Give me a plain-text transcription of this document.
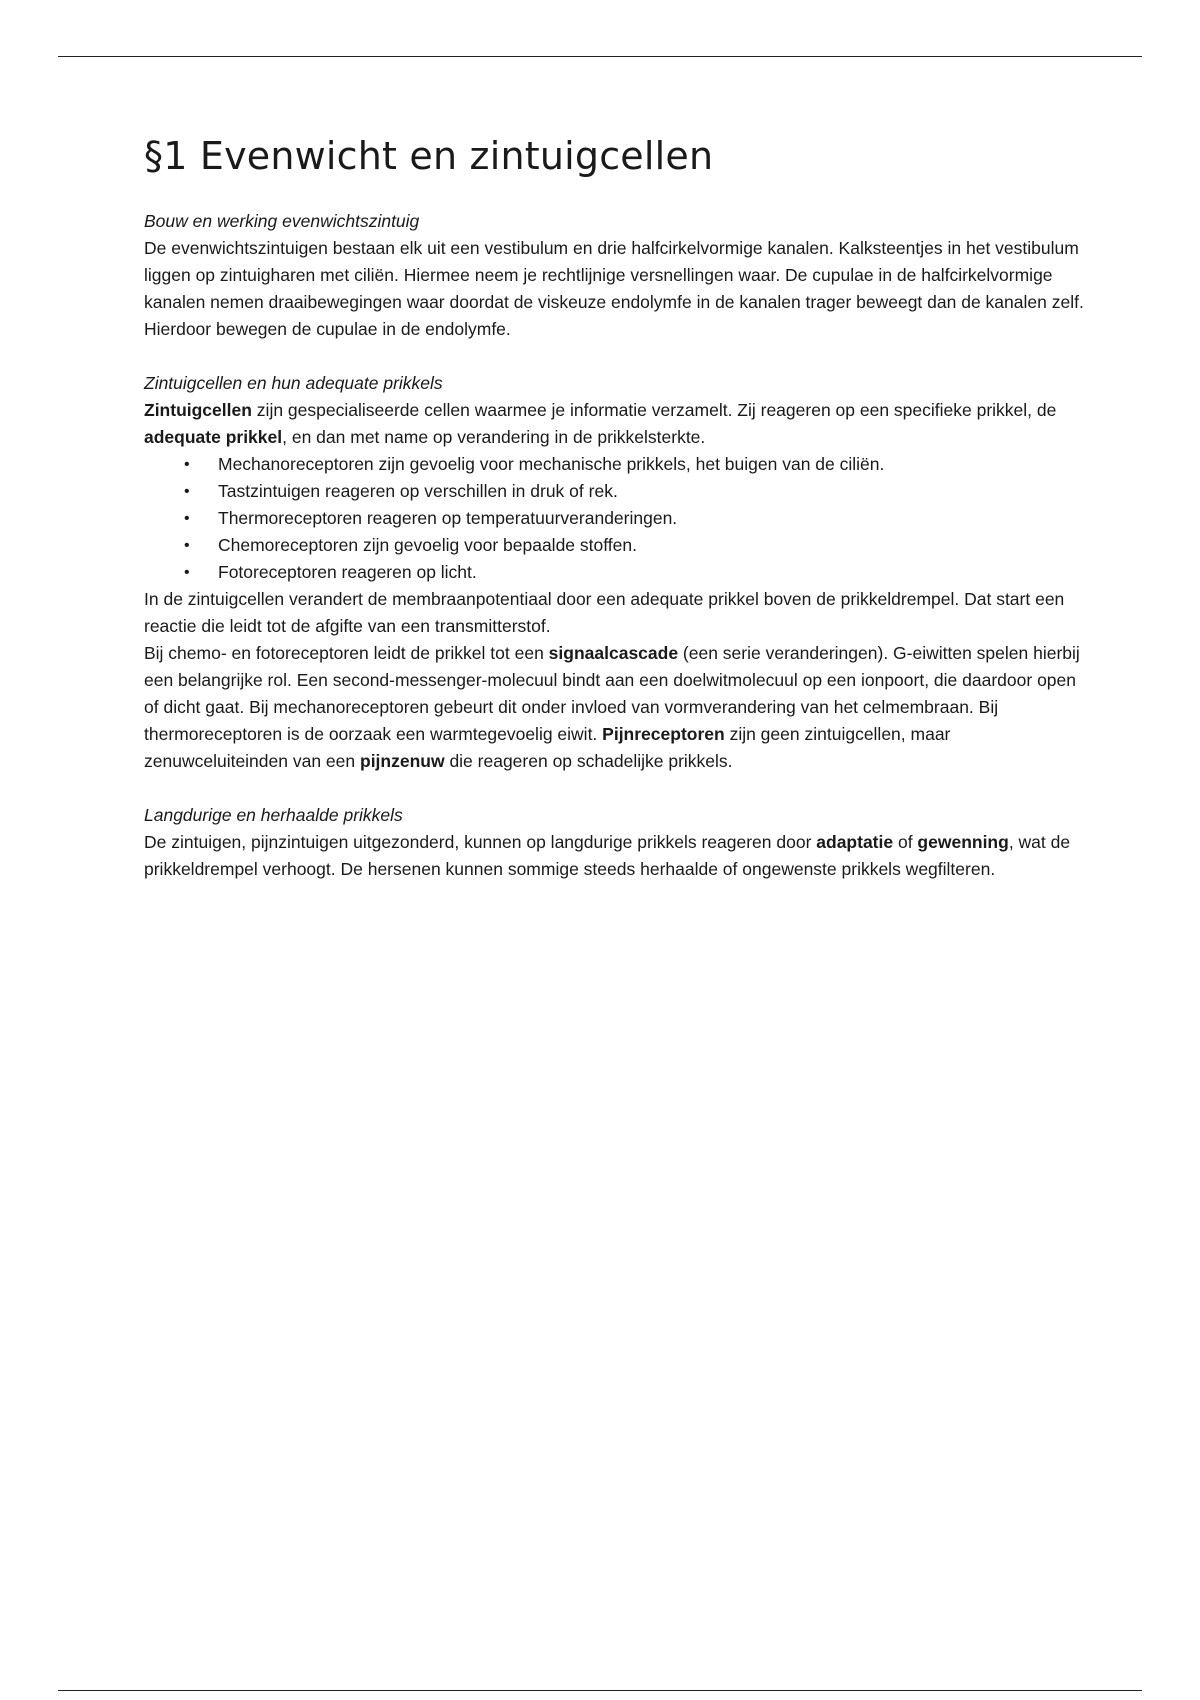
§1 Evenwicht en zintuigcellen

Bouw en werking evenwichtszintuig

De evenwichtszintuigen bestaan elk uit een vestibulum en drie halfcirkelvormige kanalen. Kalksteentjes in het vestibulum liggen op zintuigharen met ciliën. Hiermee neem je rechtlijnige versnellingen waar. De cupulae in de halfcirkelvormige kanalen nemen draaibewegingen waar doordat de viskeuze endolymfe in de kanalen trager beweegt dan de kanalen zelf. Hierdoor bewegen de cupulae in de endolymfe.

Zintuigcellen en hun adequate prikkels

Zintuigcellen zijn gespecialiseerde cellen waarmee je informatie verzamelt. Zij reageren op een specifieke prikkel, de adequate prikkel, en dan met name op verandering in de prikkelsterkte.

• Mechanoreceptoren zijn gevoelig voor mechanische prikkels, het buigen van de ciliën.
• Tastzintuigen reageren op verschillen in druk of rek.
• Thermoreceptoren reageren op temperatuurveranderingen.
• Chemoreceptoren zijn gevoelig voor bepaalde stoffen.
• Fotoreceptoren reageren op licht.

In de zintuigcellen verandert de membraanpotentiaal door een adequate prikkel boven de prikkeldrempel. Dat start een reactie die leidt tot de afgifte van een transmitterstof.

Bij chemo- en fotoreceptoren leidt de prikkel tot een signaalcascade (een serie veranderingen). G-eiwitten spelen hierbij een belangrijke rol. Een second-messenger-molecuul bindt aan een doelwitmolecuul op een ionpoort, die daardoor open of dicht gaat. Bij mechanoreceptoren gebeurt dit onder invloed van vormverandering van het celmembraan. Bij thermoreceptoren is de oorzaak een warmtegevoelig eiwit. Pijnreceptoren zijn geen zintuigcellen, maar zenuwceluiteinden van een pijnzenuw die reageren op schadelijke prikkels.

Langdurige en herhaalde prikkels

De zintuigen, pijnzintuigen uitgezonderd, kunnen op langdurige prikkels reageren door adaptatie of gewenning, wat de prikkeldrempel verhoogt. De hersenen kunnen sommige steeds herhaalde of ongewenste prikkels wegfilteren.
